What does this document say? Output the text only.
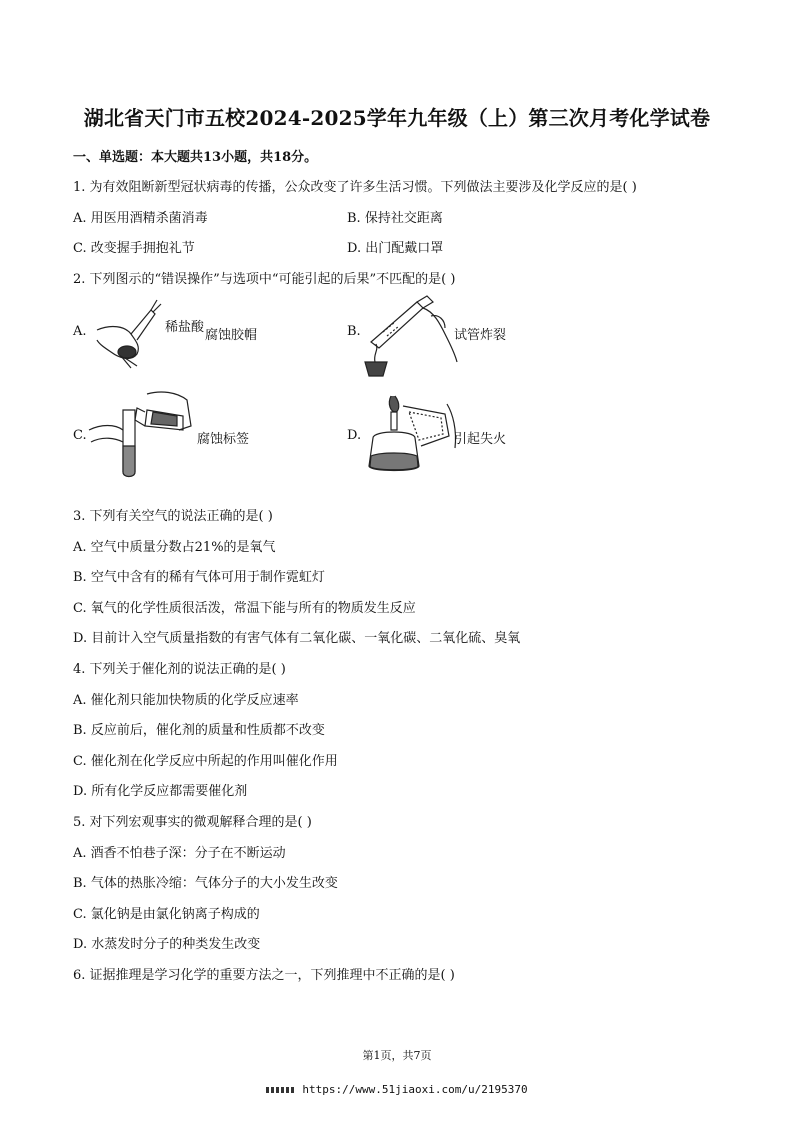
湖北省天门市五校2024-2025学年九年级（上）第三次月考化学试卷
一、单选题：本大题共13小题，共18分。
1. 为有效阻断新型冠状病毒的传播，公众改变了许多生活习惯。下列做法主要涉及化学反应的是( )
A. 用医用酒精杀菌消毒	B. 保持社交距离
C. 改变握手拥抱礼节	D. 出门配戴口罩
2. 下列图示的“错误操作”与选项中“可能引起的后果”不匹配的是( )
A.	稀盐酸
腐蚀胶帽	B.	试管炸裂
C.	腐蚀标签	D.	引起失火
3. 下列有关空气的说法正确的是( )
A. 空气中质量分数占21%的是氧气
B. 空气中含有的稀有气体可用于制作霓虹灯
C. 氧气的化学性质很活泼，常温下能与所有的物质发生反应
D. 目前计入空气质量指数的有害气体有二氧化碳、一氧化碳、二氧化硫、臭氧
4. 下列关于催化剂的说法正确的是( )
A. 催化剂只能加快物质的化学反应速率
B. 反应前后，催化剂的质量和性质都不改变
C. 催化剂在化学反应中所起的作用叫催化作用
D. 所有化学反应都需要催化剂
5. 对下列宏观事实的微观解释合理的是( )
A. 酒香不怕巷子深：分子在不断运动
B. 气体的热胀冷缩：气体分子的大小发生改变
C. 氯化钠是由氯化钠离子构成的
D. 水蒸发时分子的种类发生改变
6. 证据推理是学习化学的重要方法之一，下列推理中不正确的是( )
第1页，共7页
https://www.51jiaoxi.com/u/2195370
